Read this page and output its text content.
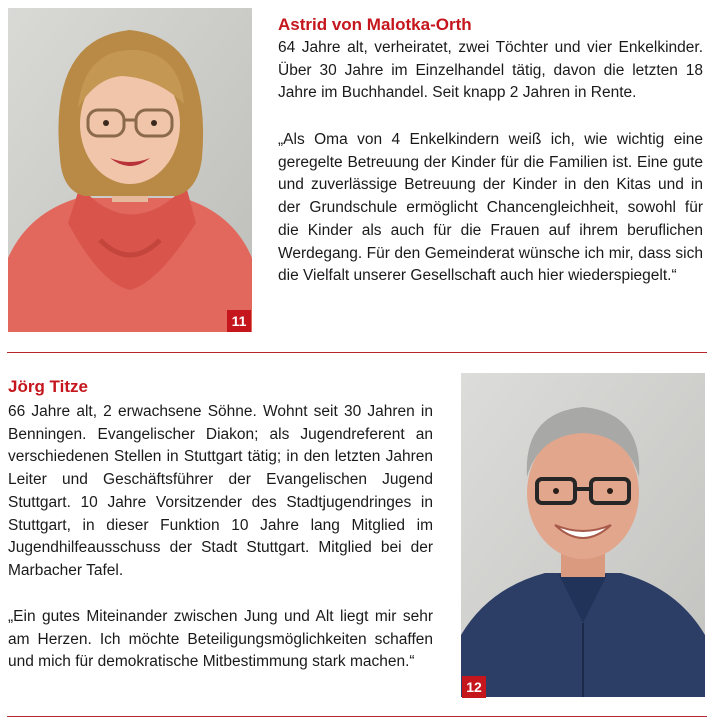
11
Astrid von Malotka-Orth

64 Jahre alt, verheiratet, zwei Töchter und vier Enkelkinder. Über 30 Jahre im Einzelhandel tätig, davon die letzten 18 Jahre im Buchhandel. Seit knapp 2 Jahren in Rente.

„Als Oma von 4 Enkelkindern weiß ich, wie wichtig eine geregelte Betreuung der Kinder für die Familien ist. Eine gute und zuverlässige Betreuung der Kinder in den Kitas und in der Grundschule ermöglicht Chancengleichheit, sowohl für die Kinder als auch für die Frauen auf ihrem beruflichen Werdegang. Für den Gemeinderat wünsche ich mir, dass sich die Vielfalt unserer Gesellschaft auch hier wiederspiegelt.“

Jörg Titze

66 Jahre alt, 2 erwachsene Söhne. Wohnt seit 30 Jahren in Benningen. Evangelischer Diakon; als Jugendreferent an verschiedenen Stellen in Stuttgart tätig; in den letzten Jahren Leiter und Geschäftsführer der Evangelischen Jugend Stuttgart. 10 Jahre Vorsitzender des Stadtjugendringes in Stuttgart, in dieser Funktion 10 Jahre lang Mitglied im Jugendhilfeausschuss der Stadt Stuttgart. Mitglied bei der Marbacher Tafel.

„Ein gutes Miteinander zwischen Jung und Alt liegt mir sehr am Herzen. Ich möchte Beteiligungsmöglichkeiten schaffen und mich für demokratische Mitbestimmung stark machen.“

12
